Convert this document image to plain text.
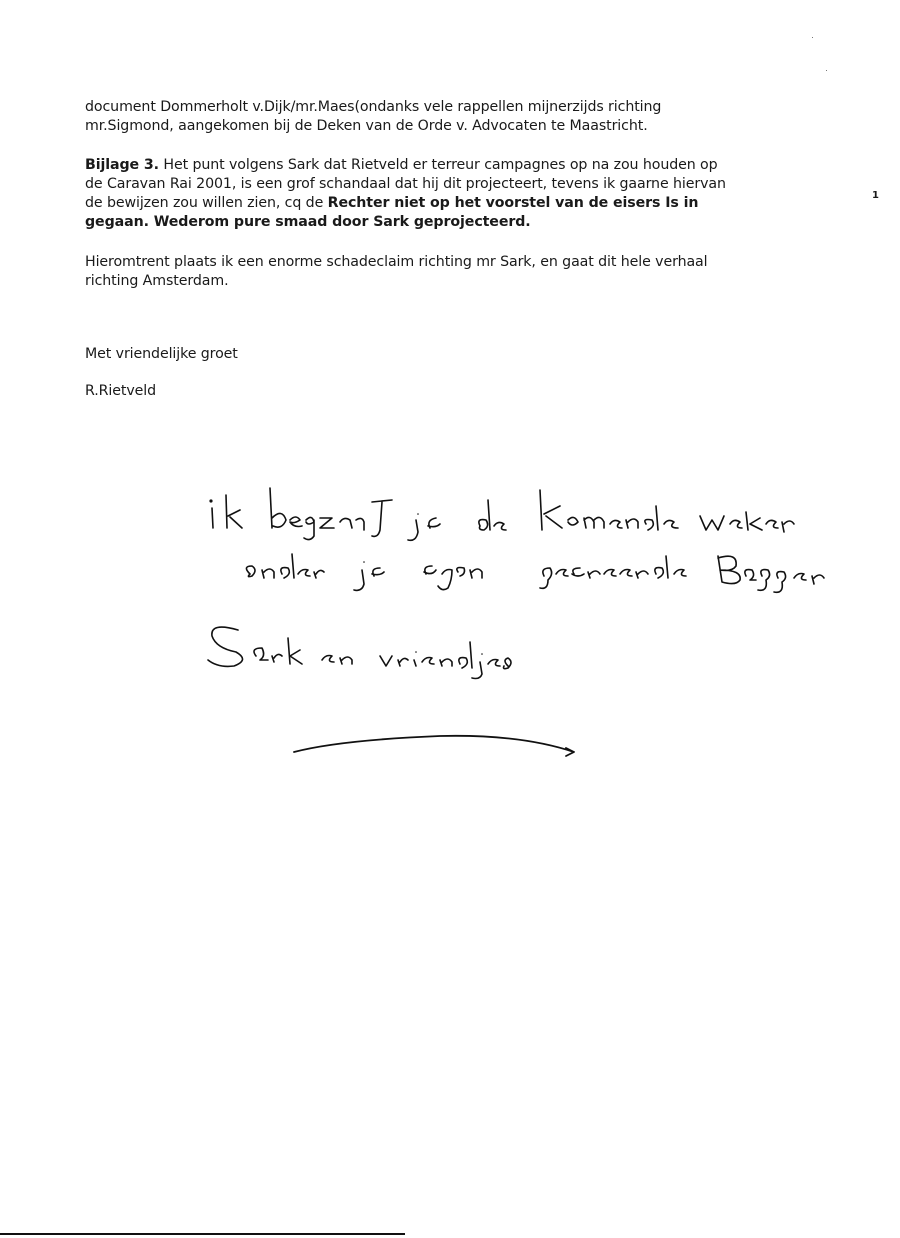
document Dommerholt v.Dijk/mr.Maes(ondanks vele rappellen mijnerzijds richting
mr.Sigmond, aangekomen bij de Deken van de Orde v. Advocaten te Maastricht.
Bijlage 3. Het punt volgens Sark dat Rietveld er terreur campagnes op na zou houden op
de Caravan Rai 2001, is een grof schandaal dat hij dit projecteert, tevens ik gaarne hiervan
de bewijzen zou willen zien, cq de Rechter niet op het voorstel van de eisers Is in
gegaan. Wederom pure smaad door Sark geprojecteerd.
Hieromtrent plaats ik een enorme schadeclaim richting mr Sark, en gaat dit hele verhaal
richting Amsterdam.
Met vriendelijke groet
R.Rietveld
1
